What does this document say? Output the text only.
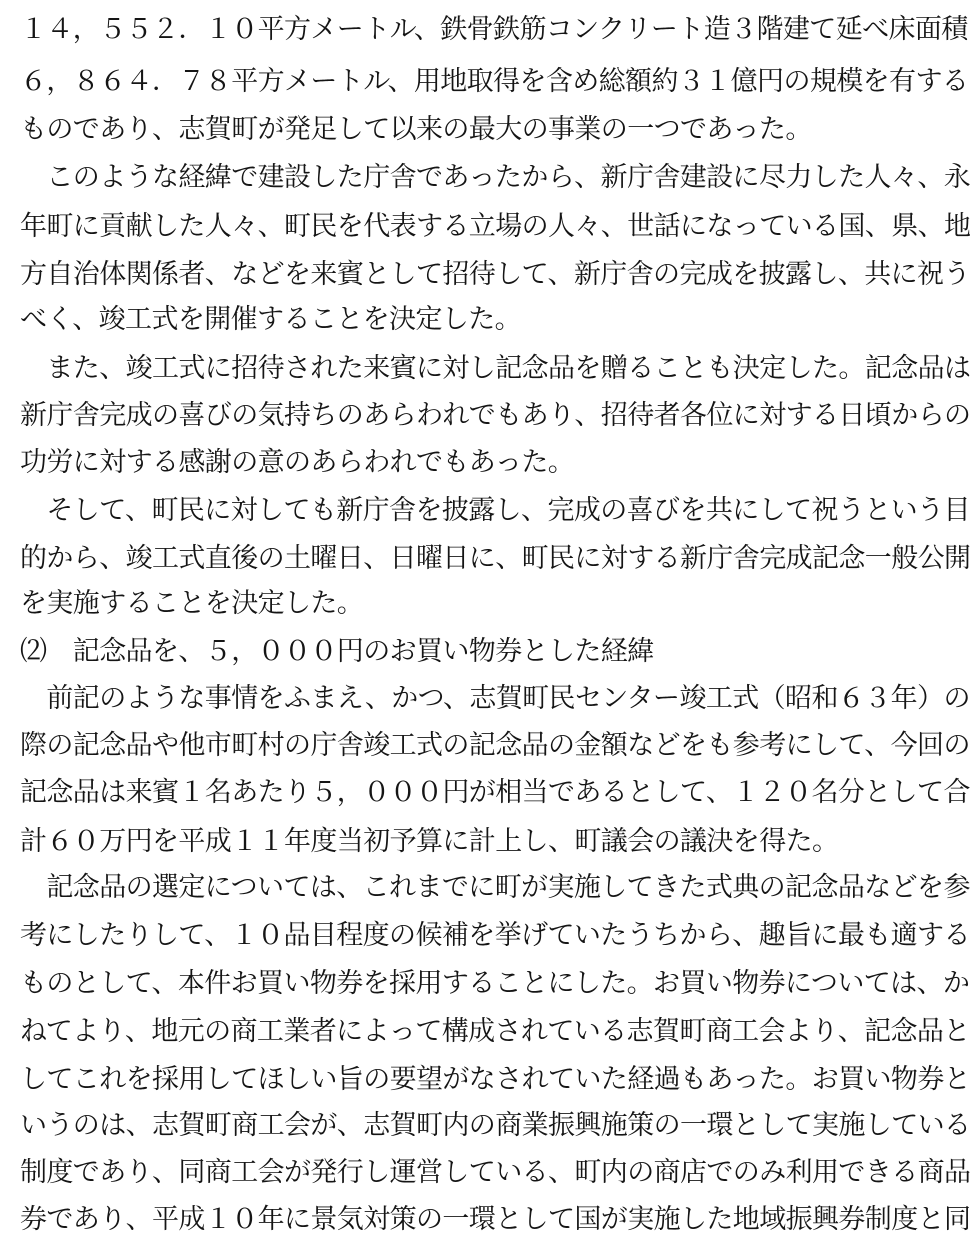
１４，５５２．１０平方メートル、鉄骨鉄筋コンクリート造３階建て延べ床面積
６，８６４．７８平方メートル、用地取得を含め総額約３１億円の規模を有する
ものであり、志賀町が発足して以来の最大の事業の一つであった。
　このような経緯で建設した庁舎であったから、新庁舎建設に尽力した人々、永
年町に貢献した人々、町民を代表する立場の人々、世話になっている国、県、地
方自治体関係者、などを来賓として招待して、新庁舎の完成を披露し、共に祝う
べく、竣工式を開催することを決定した。
　また、竣工式に招待された来賓に対し記念品を贈ることも決定した。記念品は
新庁舎完成の喜びの気持ちのあらわれでもあり、招待者各位に対する日頃からの
功労に対する感謝の意のあらわれでもあった。
　そして、町民に対しても新庁舎を披露し、完成の喜びを共にして祝うという目
的から、竣工式直後の土曜日、日曜日に、町民に対する新庁舎完成記念一般公開
を実施することを決定した。
⑵　記念品を、５，０００円のお買い物券とした経緯
　前記のような事情をふまえ、かつ、志賀町民センター竣工式（昭和６３年）の
際の記念品や他市町村の庁舎竣工式の記念品の金額などをも参考にして、今回の
記念品は来賓１名あたり５，０００円が相当であるとして、１２０名分として合
計６０万円を平成１１年度当初予算に計上し、町議会の議決を得た。
　記念品の選定については、これまでに町が実施してきた式典の記念品などを参
考にしたりして、１０品目程度の候補を挙げていたうちから、趣旨に最も適する
ものとして、本件お買い物券を採用することにした。お買い物券については、か
ねてより、地元の商工業者によって構成されている志賀町商工会より、記念品と
してこれを採用してほしい旨の要望がなされていた経過もあった。お買い物券と
いうのは、志賀町商工会が、志賀町内の商業振興施策の一環として実施している
制度であり、同商工会が発行し運営している、町内の商店でのみ利用できる商品
券であり、平成１０年に景気対策の一環として国が実施した地域振興券制度と同
